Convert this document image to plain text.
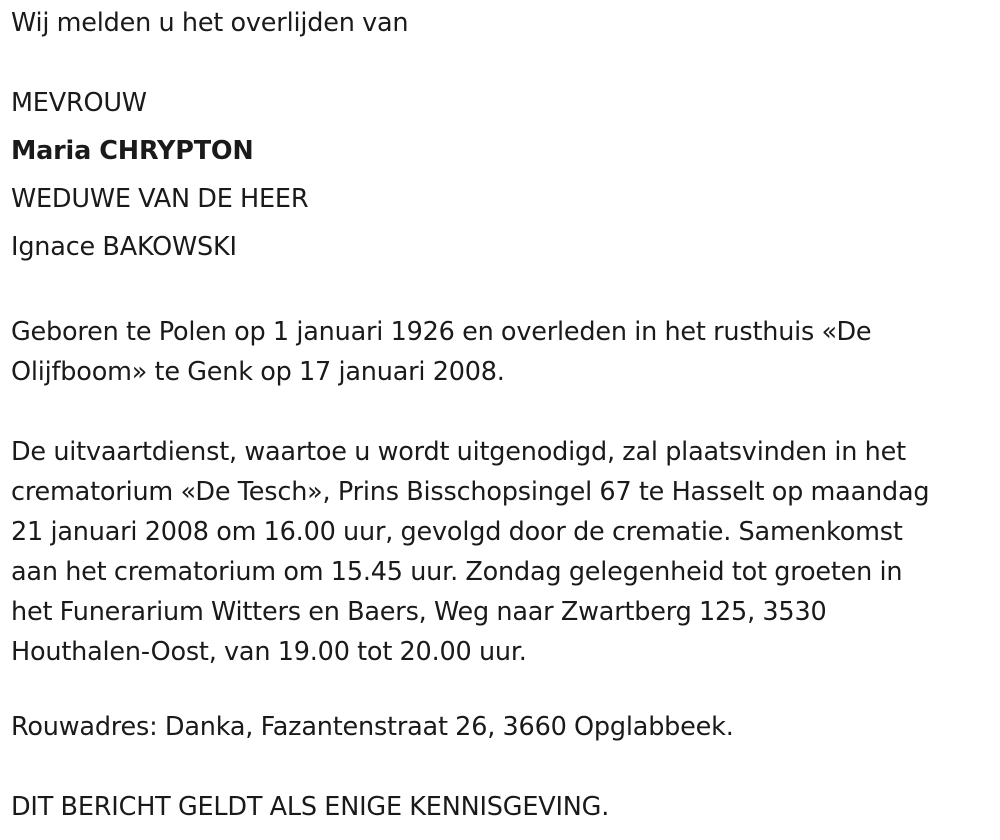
Wij melden u het overlijden van

MEVROUW

Maria CHRYPTON

WEDUWE VAN DE HEER

Ignace BAKOWSKI

Geboren te Polen op 1 januari 1926 en overleden in het rusthuis «De

Olijfboom» te Genk op 17 januari 2008.

De uitvaartdienst, waartoe u wordt uitgenodigd, zal plaatsvinden in het

crematorium «De Tesch», Prins Bisschopsingel 67 te Hasselt op maandag

21 januari 2008 om 16.00 uur, gevolgd door de crematie. Samenkomst

aan het crematorium om 15.45 uur. Zondag gelegenheid tot groeten in

het Funerarium Witters en Baers, Weg naar Zwartberg 125, 3530

Houthalen-Oost, van 19.00 tot 20.00 uur.

Rouwadres: Danka, Fazantenstraat 26, 3660 Opglabbeek.

DIT BERICHT GELDT ALS ENIGE KENNISGEVING.
